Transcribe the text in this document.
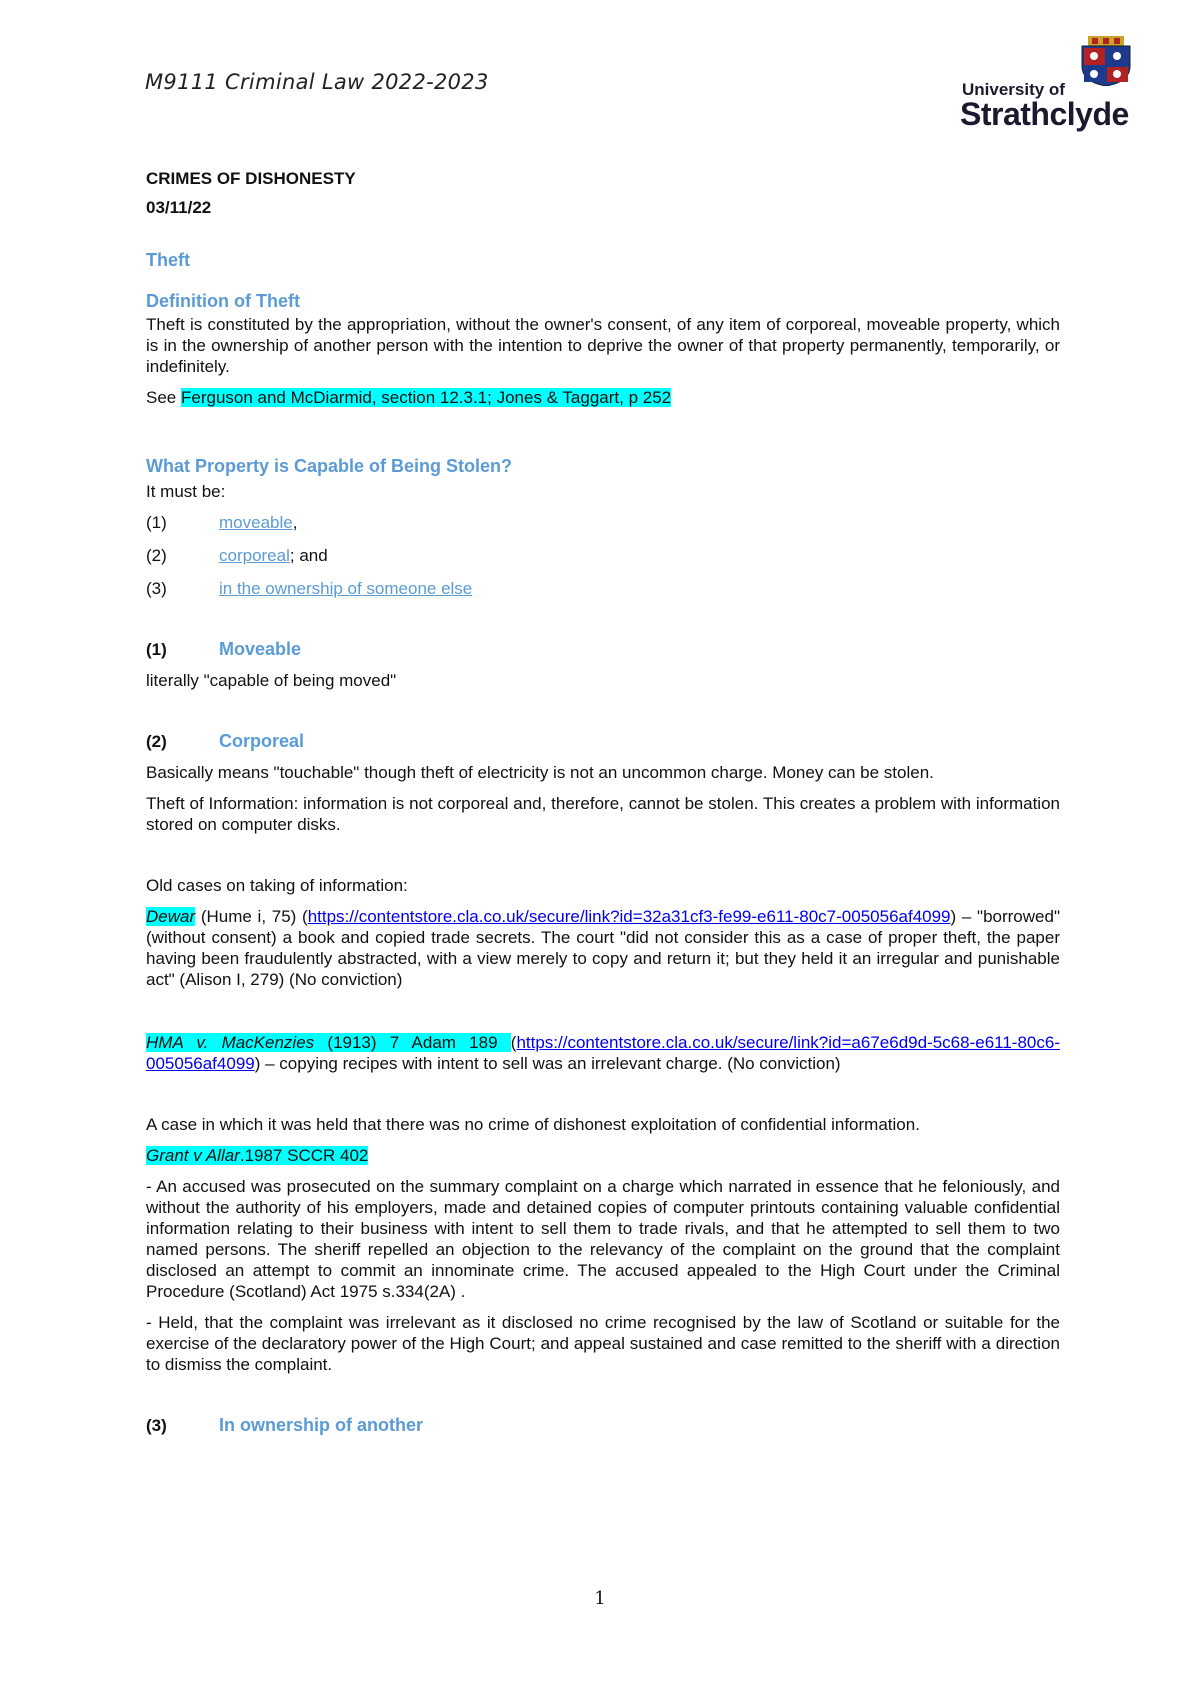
M9111 Criminal Law 2022-2023	University of
Strathclyde
CRIMES OF DISHONESTY
03/11/22
Theft
Definition of Theft

Theft is constituted by the appropriation, without the owner's consent, of any item of corporeal, moveable property, which is in the ownership of another person with the intention to deprive the owner of that property permanently, temporarily, or indefinitely.

See Ferguson and McDiarmid, section 12.3.1; Jones & Taggart, p 252

What Property is Capable of Being Stolen?
It must be:
(1)	moveable,
(2)	corporeal; and
(3)	in the ownership of someone else
(1)	Moveable
literally "capable of being moved"
(2)	Corporeal

Basically means "touchable" though theft of electricity is not an uncommon charge. Money can be stolen.

Theft of Information: information is not corporeal and, therefore, cannot be stolen. This creates a problem with information stored on computer disks.

Old cases on taking of information:

Dewar (Hume i, 75) (https://contentstore.cla.co.uk/secure/link?id=32a31cf3-fe99-e611-80c7-005056af4099) – "borrowed" (without consent) a book and copied trade secrets. The court "did not consider this as a case of proper theft, the paper having been fraudulently abstracted, with a view merely to copy and return it; but they held it an irregular and punishable act" (Alison I, 279) (No conviction)

HMA v. MacKenzies (1913) 7 Adam 189 (https://contentstore.cla.co.uk/secure/link?id=a67e6d9d-5c68-e611-80c6-005056af4099) – copying recipes with intent to sell was an irrelevant charge. (No conviction)

A case in which it was held that there was no crime of dishonest exploitation of confidential information.
Grant v Allar.1987 SCCR 402

- An accused was prosecuted on the summary complaint on a charge which narrated in essence that he feloniously, and without the authority of his employers, made and detained copies of computer printouts containing valuable confidential information relating to their business with intent to sell them to trade rivals, and that he attempted to sell them to two named persons. The sheriff repelled an objection to the relevancy of the complaint on the ground that the complaint disclosed an attempt to commit an innominate crime. The accused appealed to the High Court under the Criminal Procedure (Scotland) Act 1975 s.334(2A) .

- Held, that the complaint was irrelevant as it disclosed no crime recognised by the law of Scotland or suitable for the exercise of the declaratory power of the High Court; and appeal sustained and case remitted to the sheriff with a direction to dismiss the complaint.

(3)	In ownership of another
1
